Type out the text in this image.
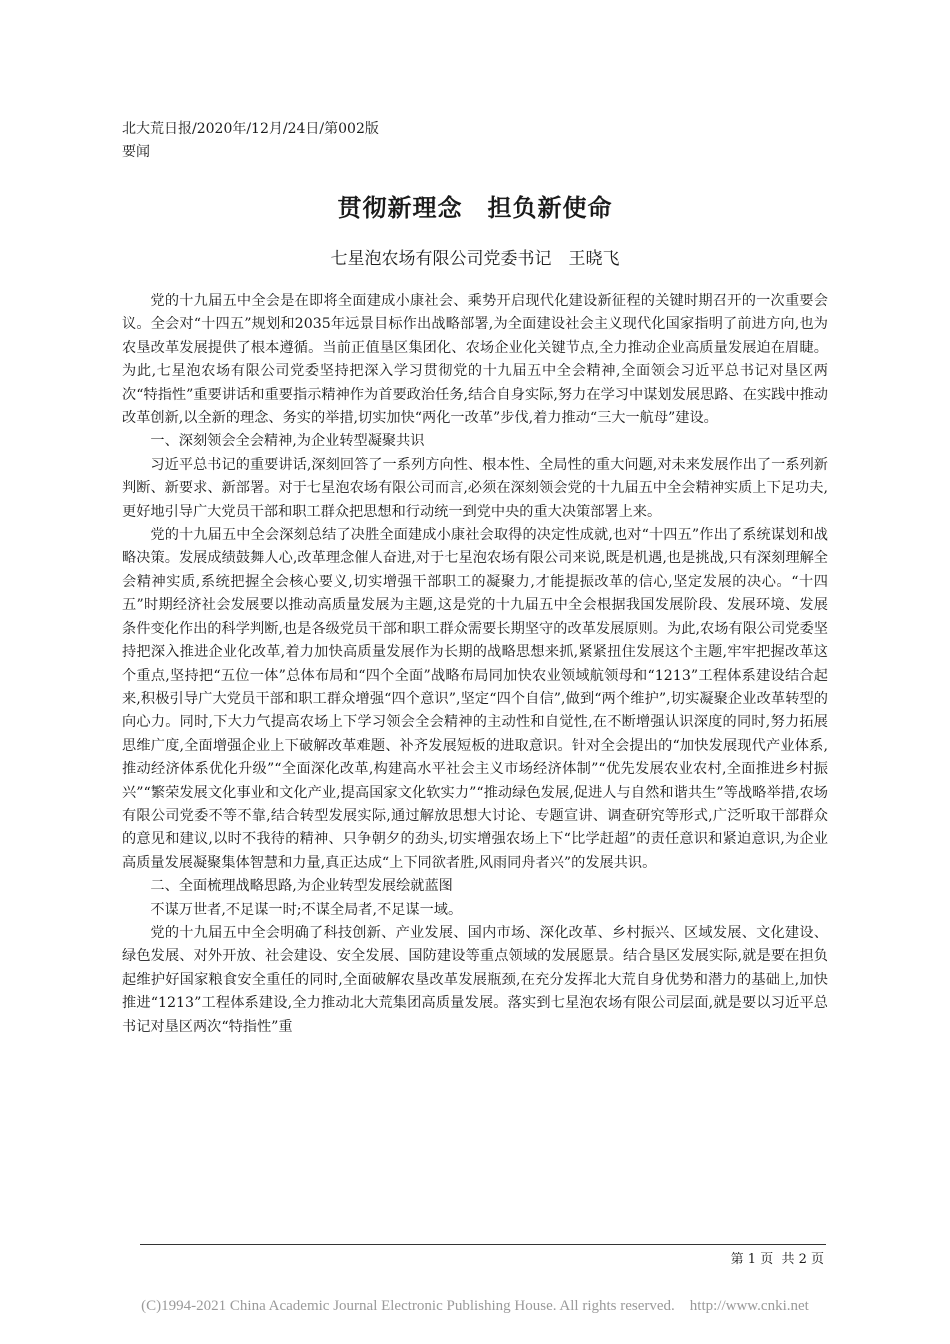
北大荒日报/2020年/12月/24日/第002版
要闻
贯彻新理念　担负新使命
七星泡农场有限公司党委书记　王晓飞

党的十九届五中全会是在即将全面建成小康社会、乘势开启现代化建设新征程的关键时期召开的一次重要会议。全会对“十四五”规划和2035年远景目标作出战略部署,为全面建设社会主义现代化国家指明了前进方向,也为农垦改革发展提供了根本遵循。当前正值垦区集团化、农场企业化关键节点,全力推动企业高质量发展迫在眉睫。为此,七星泡农场有限公司党委坚持把深入学习贯彻党的十九届五中全会精神,全面领会习近平总书记对垦区两次“特指性”重要讲话和重要指示精神作为首要政治任务,结合自身实际,努力在学习中谋划发展思路、在实践中推动改革创新,以全新的理念、务实的举措,切实加快“两化一改革”步伐,着力推动“三大一航母”建设。

一、深刻领会全会精神,为企业转型凝聚共识

习近平总书记的重要讲话,深刻回答了一系列方向性、根本性、全局性的重大问题,对未来发展作出了一系列新判断、新要求、新部署。对于七星泡农场有限公司而言,必须在深刻领会党的十九届五中全会精神实质上下足功夫,更好地引导广大党员干部和职工群众把思想和行动统一到党中央的重大决策部署上来。

党的十九届五中全会深刻总结了决胜全面建成小康社会取得的决定性成就,也对“十四五”作出了系统谋划和战略决策。发展成绩鼓舞人心,改革理念催人奋进,对于七星泡农场有限公司来说,既是机遇,也是挑战,只有深刻理解全会精神实质,系统把握全会核心要义,切实增强干部职工的凝聚力,才能提振改革的信心,坚定发展的决心。“十四五”时期经济社会发展要以推动高质量发展为主题,这是党的十九届五中全会根据我国发展阶段、发展环境、发展条件变化作出的科学判断,也是各级党员干部和职工群众需要长期坚守的改革发展原则。为此,农场有限公司党委坚持把深入推进企业化改革,着力加快高质量发展作为长期的战略思想来抓,紧紧扭住发展这个主题,牢牢把握改革这个重点,坚持把“五位一体”总体布局和“四个全面”战略布局同加快农业领域航领母和“1213”工程体系建设结合起来,积极引导广大党员干部和职工群众增强“四个意识”,坚定“四个自信”,做到“两个维护”,切实凝聚企业改革转型的向心力。同时,下大力气提高农场上下学习领会全会精神的主动性和自觉性,在不断增强认识深度的同时,努力拓展思维广度,全面增强企业上下破解改革难题、补齐发展短板的进取意识。针对全会提出的“加快发展现代产业体系,推动经济体系优化升级”“全面深化改革,构建高水平社会主义市场经济体制”“优先发展农业农村,全面推进乡村振兴”“繁荣发展文化事业和文化产业,提高国家文化软实力”“推动绿色发展,促进人与自然和谐共生”等战略举措,农场有限公司党委不等不靠,结合转型发展实际,通过解放思想大讨论、专题宣讲、调查研究等形式,广泛听取干部群众的意见和建议,以时不我待的精神、只争朝夕的劲头,切实增强农场上下“比学赶超”的责任意识和紧迫意识,为企业高质量发展凝聚集体智慧和力量,真正达成“上下同欲者胜,风雨同舟者兴”的发展共识。

二、全面梳理战略思路,为企业转型发展绘就蓝图

不谋万世者,不足谋一时;不谋全局者,不足谋一域。

党的十九届五中全会明确了科技创新、产业发展、国内市场、深化改革、乡村振兴、区域发展、文化建设、绿色发展、对外开放、社会建设、安全发展、国防建设等重点领域的发展愿景。结合垦区发展实际,就是要在担负起维护好国家粮食安全重任的同时,全面破解农垦改革发展瓶颈,在充分发挥北大荒自身优势和潜力的基础上,加快推进“1213”工程体系建设,全力推动北大荒集团高质量发展。落实到七星泡农场有限公司层面,就是要以习近平总书记对垦区两次“特指性”重

第 1 页  共 2 页
(C)1994-2021 China Academic Journal Electronic Publishing House. All rights reserved.    http://www.cnki.net
